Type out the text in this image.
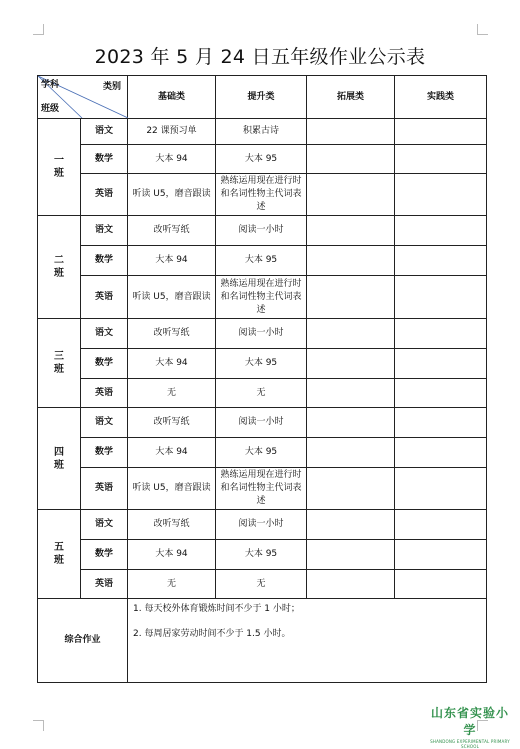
2023 年 5 月 24 日五年级作业公示表
学科 类别
班级		基础类	提升类	拓展类	实践类

一
班	语文	22 课预习单	积累古诗		
	数学	大本 94	大本 95		
	英语	听读 U5，磨音跟读	熟练运用现在进行时和名词性物主代词表述		

二
班	语文	改听写纸	阅读一小时		
	数学	大本 94	大本 95		
	英语	听读 U5，磨音跟读	熟练运用现在进行时和名词性物主代词表述		

三
班	语文	改听写纸	阅读一小时		
	数学	大本 94	大本 95		
	英语	无	无		

四
班	语文	改听写纸	阅读一小时		
	数学	大本 94	大本 95		
	英语	听读 U5，磨音跟读	熟练运用现在进行时和名词性物主代词表述		

五
班	语文	改听写纸	阅读一小时		
	数学	大本 94	大本 95		
	英语	无	无		
综合作业		1. 每天校外体育锻炼时间不少于 1 小时；

2. 每周居家劳动时间不少于 1.5 小时。			

山东省实验小学
SHANDONG EXPERIMENTAL PRIMARY SCHOOL
